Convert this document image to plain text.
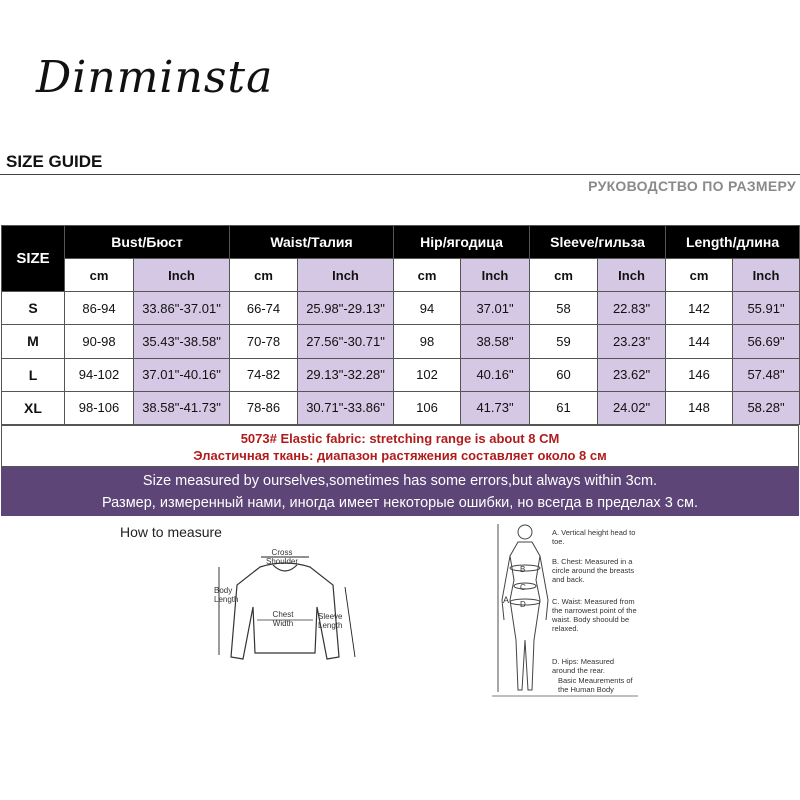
Dinminsta
SIZE GUIDE
РУКОВОДСТВО ПО РАЗМЕРУ
SIZE	Bust/Бюст		Waist/Талия		Hip/ягодица		Sleeve/гильза		Length/длина	
	cm	Inch	cm	Inch	cm	Inch	cm	Inch	cm	Inch
S	86-94	33.86"-37.01"	66-74	25.98"-29.13"	94	37.01"	58	22.83"	142	55.91"
M	90-98	35.43"-38.58"	70-78	27.56"-30.71"	98	38.58"	59	23.23"	144	56.69"
L	94-102	37.01"-40.16"	74-82	29.13"-32.28"	102	40.16"	60	23.62"	146	57.48"
XL	98-106	38.58"-41.73"	78-86	30.71"-33.86"	106	41.73"	61	24.02"	148	58.28"
5073# Elastic fabric: stretching range is about 8 CM
Эластичная ткань: диапазон растяжения составляет около 8 см
Size measured by ourselves,sometimes has some errors,but always within 3cm.
Размер, измеренный нами, иногда имеет некоторые ошибки, но всегда в пределах 3 см.
How to measure
Cross Shoulder
Body Length
Chest Width
Sleeve Length
A
B
C
D
A. Vertical height head to toe.
B. Chest: Measured in a circle around the breasts and back.
C. Waist: Measured from the narrowest point of the waist. Body shoould be relaxed.
D. Hips: Measured around the rear.
Basic Meaurements of the Human Body
